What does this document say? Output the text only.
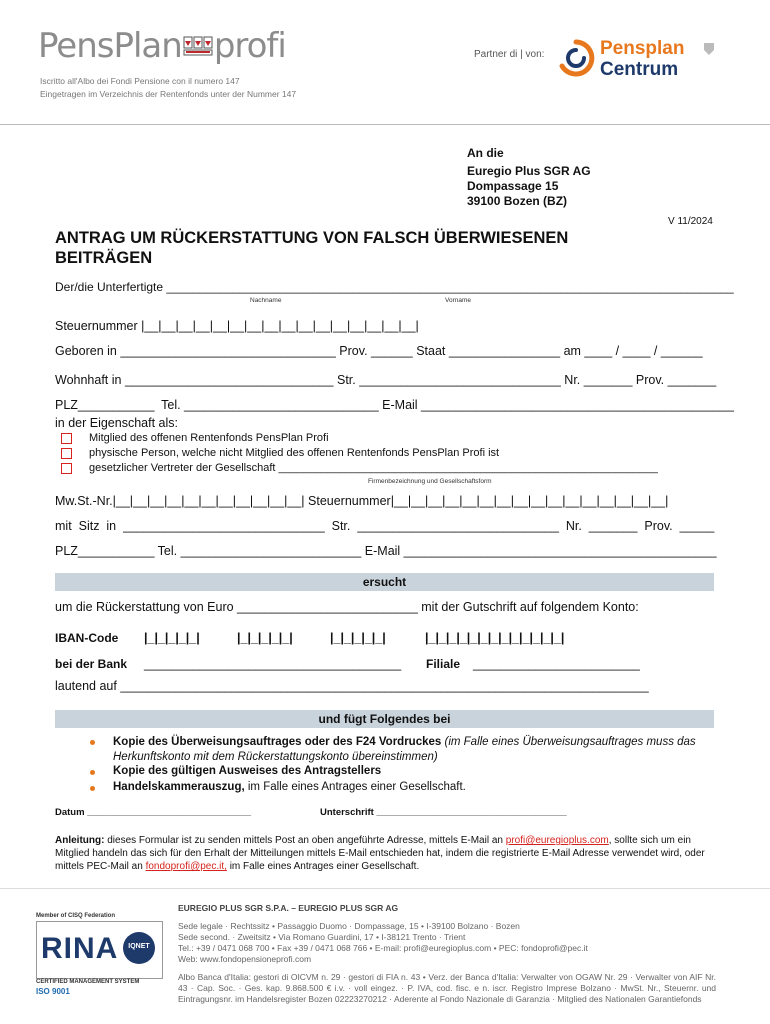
PensPlan profi	Partner di | von:	Pensplan
Centrum
Iscritto all'Albo dei Fondi Pensione con il numero 147
Eingetragen im Verzeichnis der Rentenfonds unter der Nummer 147
An die
Euregio Plus SGR AG
Dompassage 15
39100 Bozen (BZ)
V 11/2024
ANTRAG UM RÜCKERSTATTUNG VON FALSCH ÜBERWIESENEN
BEITRÄGEN
Der/die Unterfertigte _____________________________________________________________________________________
Nachname	Vorname
Steuernummer |__|__|__|__|__|__|__|__|__|__|__|__|__|__|__|__|
Geboren in _______________________________ Prov. ______ Staat ________________ am ____ / ____ / ______
Wohnhaft in ______________________________ Str. _____________________________ Nr. _______ Prov. _______
PLZ___________  Tel. ____________________________ E-Mail _____________________________________________
in der Eigenschaft als:
Mitglied des offenen Rentenfonds PensPlan Profi
physische Person, welche nicht Mitglied des offenen Rentenfonds PensPlan Profi ist
gesetzlicher Vertreter der Gesellschaft ______________________________________________________________
Firmenbezeichnung und Gesellschaftsform
Mw.St.-Nr.|__|__|__|__|__|__|__|__|__|__|__| Steuernummer|__|__|__|__|__|__|__|__|__|__|__|__|__|__|__|__|
mit  Sitz  in  _____________________________  Str.  _____________________________  Nr.  _______  Prov.  _____
PLZ___________ Tel. __________________________ E-Mail _____________________________________________
ersucht
um die Rückerstattung von Euro __________________________ mit der Gutschrift auf folgendem Konto:
IBAN-Code |_|_|_|_|_|	|_|_|_|_|_|	|_|_|_|_|_|	|_|_|_|_|_|_|_|_|_|_|_|_|_|
bei der Bank _____________________________________ Filiale ________________________
lautend auf ____________________________________________________________________________
und fügt Folgendes bei
Kopie des Überweisungsauftrages oder des F24 Vordruckes (im Falle eines Überweisungsauftrages muss das Herkunftskonto mit dem Rückerstattungskonto übereinstimmen)
Kopie des gültigen Ausweises des Antragstellers
Handelskammerauszug, im Falle eines Antrages einer Gesellschaft.
Datum _______________________________	Unterschrift ____________________________________
Anleitung: dieses Formular ist zu senden mittels Post an oben angeführte Adresse, mittels E-Mail an profi@euregioplus.com, sollte sich um ein Mitglied handeln das sich für den Erhalt der Mitteilungen mittels E-Mail entschieden hat, indem die registrierte E-Mail Adresse verwendet wird, oder mittels PEC-Mail an fondoprofi@pec.it, im Falle eines Antrages einer Gesellschaft.
Member of CISQ Federation
RINA	IQNET
CERTIFIED MANAGEMENT SYSTEM
ISO 9001
EUREGIO PLUS SGR S.P.A. – EUREGIO PLUS SGR AG
Sede legale · Rechtssitz • Passaggio Duomo · Dompassage, 15 • I-39100 Bolzano · Bozen
Sede second. · Zweitsitz • Via Romano Guardini, 17 • I-38121 Trento · Trient
Tel.: +39 / 0471 068 700 • Fax +39 / 0471 068 766 • E-mail: profi@euregioplus.com • PEC: fondoprofi@pec.it
Web: www.fondopensioneprofi.com
Albo Banca d'Italia: gestori di OICVM n. 29 · gestori di FIA n. 43 • Verz. der Banca d'Italia: Verwalter von OGAW Nr. 29 · Verwalter von AIF Nr. 43 · Cap. Soc. · Ges. kap. 9.868.500 € i.v. · voll eingez. · P. IVA, cod. fisc. e n. iscr. Registro Imprese Bolzano · MwSt. Nr., Steuernr. und Eintragungsnr. im Handelsregister Bozen 02223270212 · Aderente al Fondo Nazionale di Garanzia · Mitglied des Nationalen Garantiefonds
